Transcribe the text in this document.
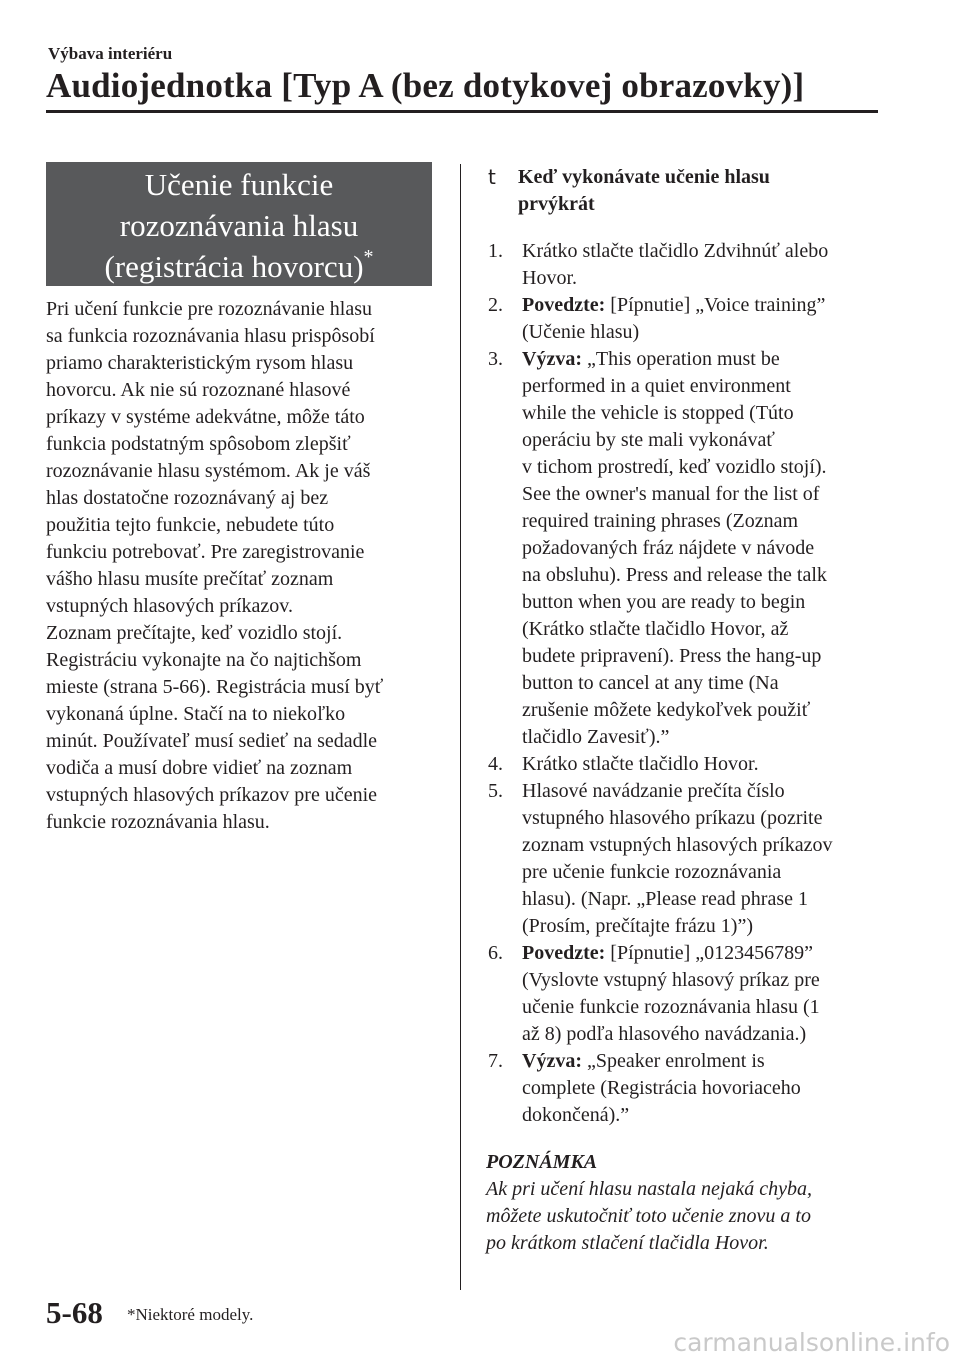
Výbava interiéru

Audiojednotka [Typ A (bez dotykovej obrazovky)]
Učenie funkcie
rozoznávania hlasu
(registrácia hovorcu)*

Pri učení funkcie pre rozoznávanie hlasu

sa funkcia rozoznávania hlasu prispôsobí

priamo charakteristickým rysom hlasu

hovorcu. Ak nie sú rozoznané hlasové

príkazy v systéme adekvátne, môže táto

funkcia podstatným spôsobom zlepšiť

rozoznávanie hlasu systémom. Ak je váš

hlas dostatočne rozoznávaný aj bez

použitia tejto funkcie, nebudete túto

funkciu potrebovať. Pre zaregistrovanie

vášho hlasu musíte prečítať zoznam

vstupných hlasových príkazov.

Zoznam prečítajte, keď vozidlo stojí.

Registráciu vykonajte na čo najtichšom

mieste (strana 5-66). Registrácia musí byť

vykonaná úplne. Stačí na to niekoľko

minút. Používateľ musí sedieť na sedadle

vodiča a musí dobre vidieť na zoznam

vstupných hlasových príkazov pre učenie

funkcie rozoznávania hlasu.

t Keď vykonávate učenie hlasu
prvýkrát
1. Krátko stlačte tlačidlo Zdvihnúť alebo
Hovor.
2. Povedzte: [Pípnutie] „Voice training”
(Učenie hlasu)
3. Výzva: „This operation must be
performed in a quiet environment
while the vehicle is stopped (Túto
operáciu by ste mali vykonávať
v tichom prostredí, keď vozidlo stojí).
See the owner's manual for the list of
required training phrases (Zoznam
požadovaných fráz nájdete v návode
na obsluhu). Press and release the talk
button when you are ready to begin
(Krátko stlačte tlačidlo Hovor, až
budete pripravení). Press the hang-up
button to cancel at any time (Na
zrušenie môžete kedykoľvek použiť
tlačidlo Zavesiť).”
4. Krátko stlačte tlačidlo Hovor.
5. Hlasové navádzanie prečíta číslo
vstupného hlasového príkazu (pozrite
zoznam vstupných hlasových príkazov
pre učenie funkcie rozoznávania
hlasu). (Napr. „Please read phrase 1
(Prosím, prečítajte frázu 1)”)
6. Povedzte: [Pípnutie] „0123456789”
(Vyslovte vstupný hlasový príkaz pre
učenie funkcie rozoznávania hlasu (1
až 8) podľa hlasového navádzania.)
7. Výzva: „Speaker enrolment is
complete (Registrácia hovoriaceho
dokončená).”

POZNÁMKA

Ak pri učení hlasu nastala nejaká chyba,
môžete uskutočniť toto učenie znovu a to
po krátkom stlačení tlačidla Hovor.

5-68 *Niektoré modely.

carmanualsonline.info
